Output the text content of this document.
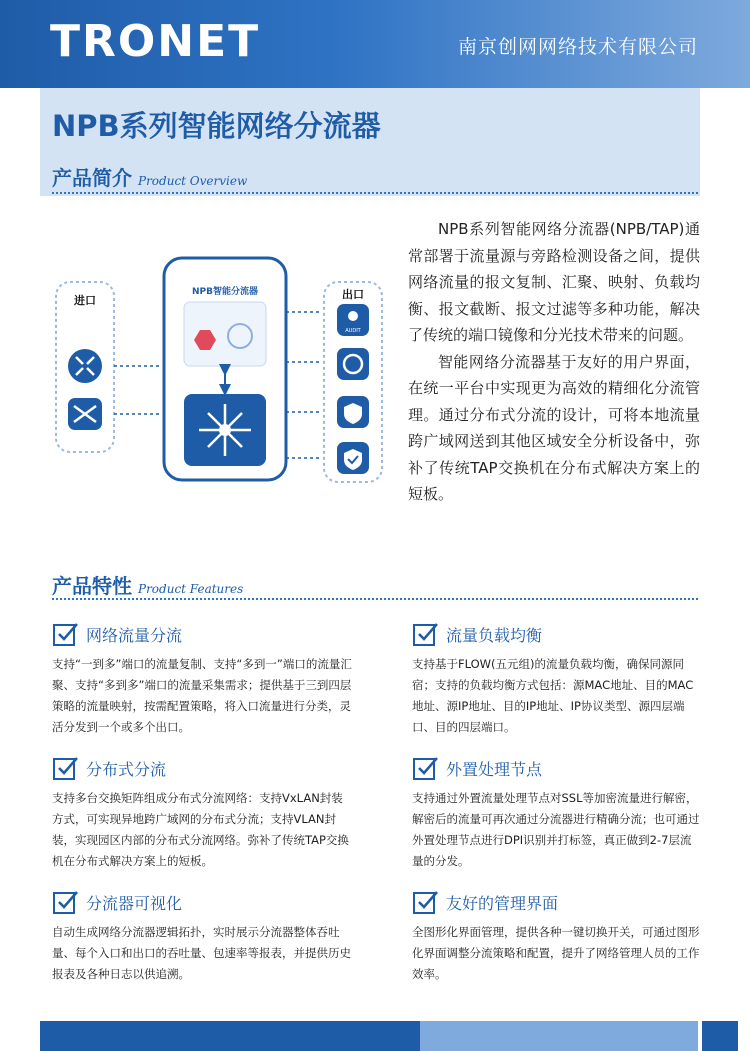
TRONET	南京创网网络技术有限公司
NPB系列智能网络分流器
产品简介 Product Overview

NPB系列智能网络分流器(NPB/TAP)通常部署于流量源与旁路检测设备之间，提供网络流量的报文复制、汇聚、映射、负载均衡、报文截断、报文过滤等多种功能，解决了传统的端口镜像和分光技术带来的问题。

智能网络分流器基于友好的用户界面，在统一平台中实现更为高效的精细化分流管理。通过分布式分流的设计，可将本地流量跨广域网送到其他区域安全分析设备中，弥补了传统TAP交换机在分布式解决方案上的短板。

进口
NPB智能分流器	出口
AUDIT
产品特性 Product Features
网络流量分流
支持“一到多”端口的流量复制、支持“多到一”端口的流量汇聚、支持“多到多”端口的流量采集需求；提供基于三到四层策略的流量映射，按需配置策略，将入口流量进行分类，灵活分发到一个或多个出口。
流量负载均衡
支持基于FLOW(五元组)的流量负载均衡，确保同源同宿；支持的负载均衡方式包括：源MAC地址、目的MAC地址、源IP地址、目的IP地址、IP协议类型、源四层端口、目的四层端口。
分布式分流
支持多台交换矩阵组成分布式分流网络：支持VxLAN封装方式，可实现异地跨广域网的分布式分流；支持VLAN封装，实现园区内部的分布式分流网络。弥补了传统TAP交换机在分布式解决方案上的短板。
外置处理节点
支持通过外置流量处理节点对SSL等加密流量进行解密，解密后的流量可再次通过分流器进行精确分流；也可通过外置处理节点进行DPI识别并打标签，真正做到2-7层流量的分发。
分流器可视化
自动生成网络分流器逻辑拓扑，实时展示分流器整体吞吐量、每个入口和出口的吞吐量、包速率等报表，并提供历史报表及各种日志以供追溯。
友好的管理界面
全图形化界面管理，提供各种一键切换开关，可通过图形化界面调整分流策略和配置，提升了网络管理人员的工作效率。
